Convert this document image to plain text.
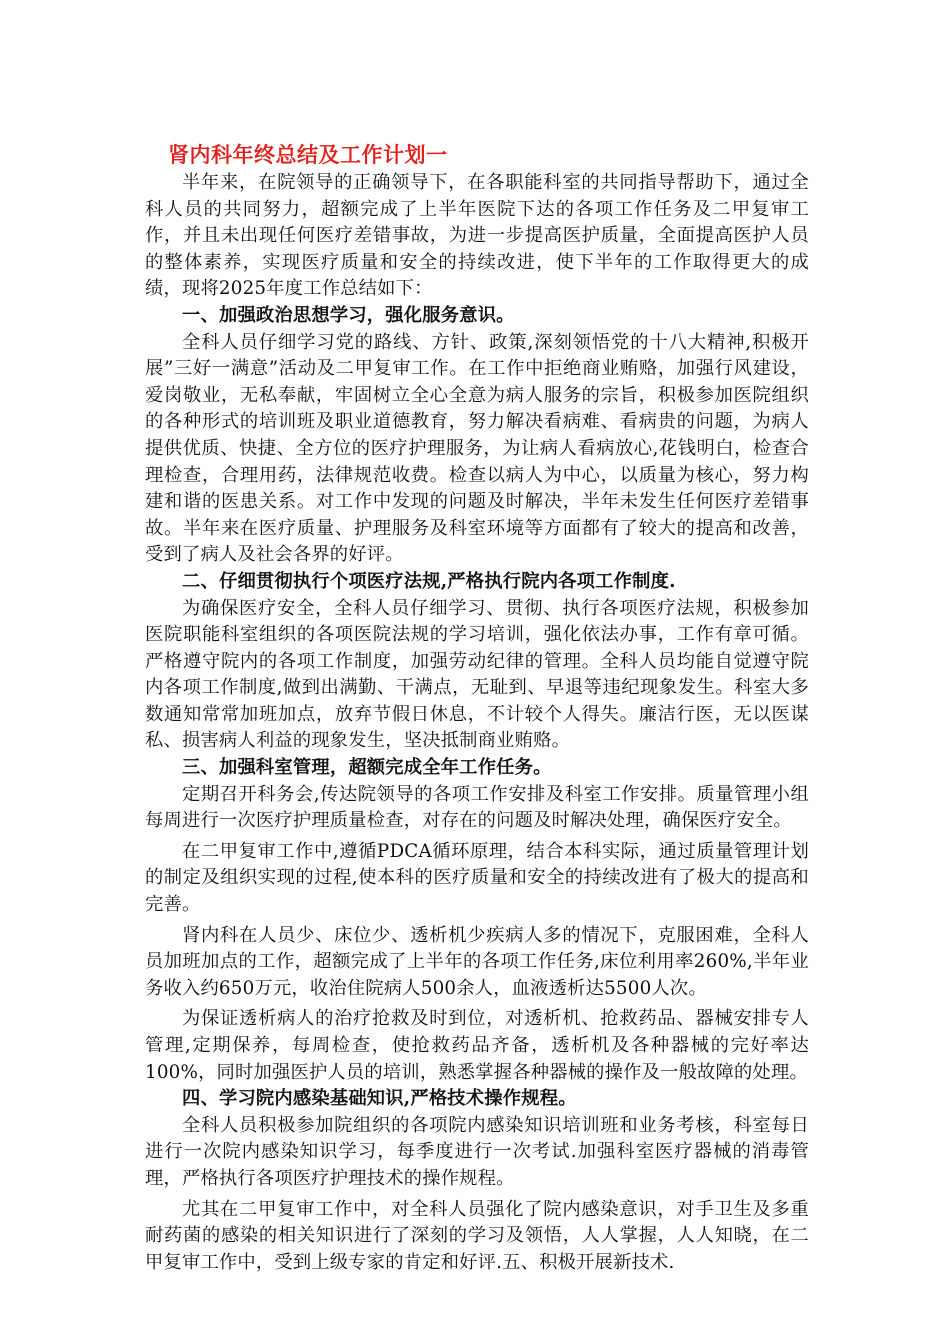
肾内科年终总结及工作计划一

半年来，在院领导的正确领导下，在各职能科室的共同指导帮助下，通过全科人员的共同努力，超额完成了上半年医院下达的各项工作任务及二甲复审工作，并且未出现任何医疗差错事故，为进一步提高医护质量，全面提高医护人员的整体素养，实现医疗质量和安全的持续改进，使下半年的工作取得更大的成绩，现将2025年度工作总结如下：

一、加强政治思想学习，强化服务意识。

全科人员仔细学习党的路线、方针、政策,深刻领悟党的十八大精神,积极开展”三好一满意”活动及二甲复审工作。在工作中拒绝商业贿赂，加强行风建设，爱岗敬业，无私奉献，牢固树立全心全意为病人服务的宗旨，积极参加医院组织的各种形式的培训班及职业道德教育，努力解决看病难、看病贵的问题，为病人提供优质、快捷、全方位的医疗护理服务，为让病人看病放心,花钱明白，检查合理检查，合理用药，法律规范收费。检查以病人为中心，以质量为核心，努力构建和谐的医患关系。对工作中发现的问题及时解决，半年未发生任何医疗差错事故。半年来在医疗质量、护理服务及科室环境等方面都有了较大的提高和改善，受到了病人及社会各界的好评。

二、仔细贯彻执行个项医疗法规,严格执行院内各项工作制度.

为确保医疗安全，全科人员仔细学习、贯彻、执行各项医疗法规，积极参加医院职能科室组织的各项医院法规的学习培训，强化依法办事，工作有章可循。严格遵守院内的各项工作制度，加强劳动纪律的管理。全科人员均能自觉遵守院内各项工作制度,做到出满勤、干满点，无耻到、早退等违纪现象发生。科室大多数通知常常加班加点，放弃节假日休息，不计较个人得失。廉洁行医，无以医谋私、损害病人利益的现象发生，坚决抵制商业贿赂。

三、加强科室管理，超额完成全年工作任务。

定期召开科务会,传达院领导的各项工作安排及科室工作安排。质量管理小组每周进行一次医疗护理质量检查，对存在的问题及时解决处理，确保医疗安全。

在二甲复审工作中,遵循PDCA循环原理，结合本科实际，通过质量管理计划的制定及组织实现的过程,使本科的医疗质量和安全的持续改进有了极大的提高和完善。

肾内科在人员少、床位少、透析机少疾病人多的情况下，克服困难，全科人员加班加点的工作，超额完成了上半年的各项工作任务,床位利用率260%,半年业务收入约650万元，收治住院病人500余人，血液透析达5500人次。

为保证透析病人的治疗抢救及时到位，对透析机、抢救药品、器械安排专人管理,定期保养，每周检查，使抢救药品齐备，透析机及各种器械的完好率达100%，同时加强医护人员的培训，熟悉掌握各种器械的操作及一般故障的处理。

四、学习院内感染基础知识,严格技术操作规程。

全科人员积极参加院组织的各项院内感染知识培训班和业务考核，科室每日进行一次院内感染知识学习，每季度进行一次考试.加强科室医疗器械的消毒管理，严格执行各项医疗护理技术的操作规程。

尤其在二甲复审工作中，对全科人员强化了院内感染意识，对手卫生及多重耐药菌的感染的相关知识进行了深刻的学习及领悟，人人掌握，人人知晓，在二甲复审工作中，受到上级专家的肯定和好评.五、积极开展新技术.
